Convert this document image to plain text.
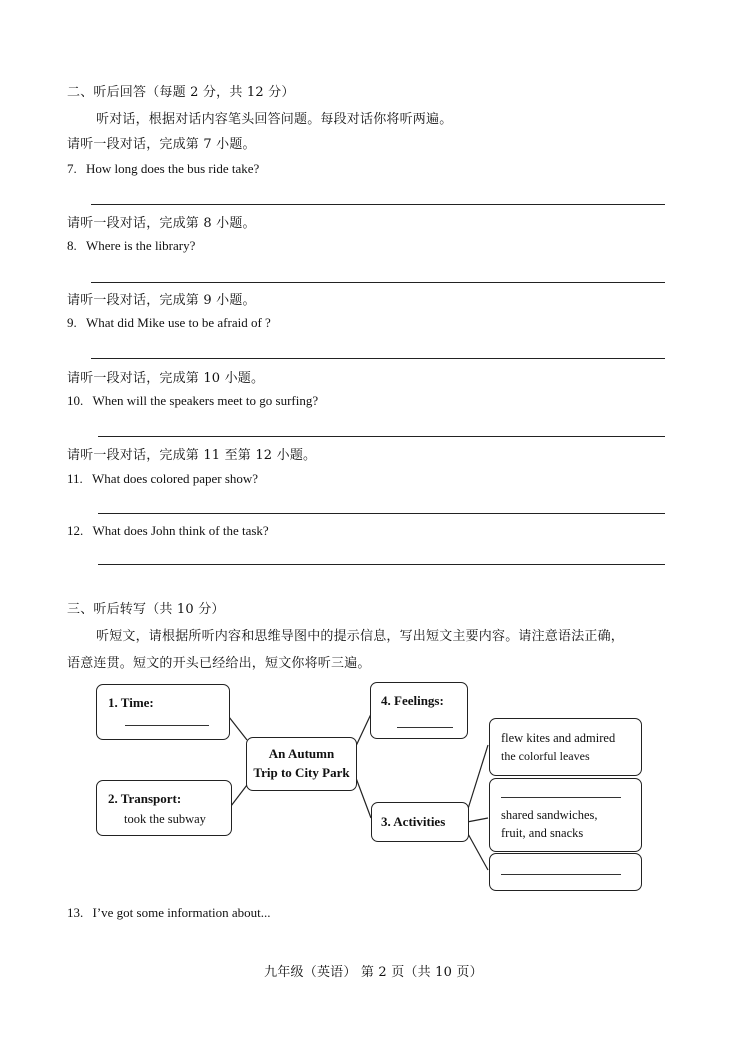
二、听后回答（每题 2 分，共 12 分）
听对话，根据对话内容笔头回答问题。每段对话你将听两遍。
请听一段对话，完成第 7 小题。
7. How long does the bus ride take?
请听一段对话，完成第 8 小题。
8. Where is the library?
请听一段对话，完成第 9 小题。
9. What did Mike use to be afraid of ?
请听一段对话，完成第 10 小题。
10. When will the speakers meet to go surfing?
请听一段对话，完成第 11 至第 12 小题。
11. What does colored paper show?
12. What does John think of the task?
三、听后转写（共 10 分）
听短文，请根据所听内容和思维导图中的提示信息，写出短文主要内容。请注意语法正确，
语意连贯。短文的开头已经给出，短文你将听三遍。
1. Time:
2. Transport:
took the subway
An Autumn
Trip to City Park
4. Feelings:
3. Activities
flew kites and admired
the colorful leaves
shared sandwiches,
fruit, and snacks
13. I’ve got some information about...
九年级（英语） 第 2 页（共 10 页）
